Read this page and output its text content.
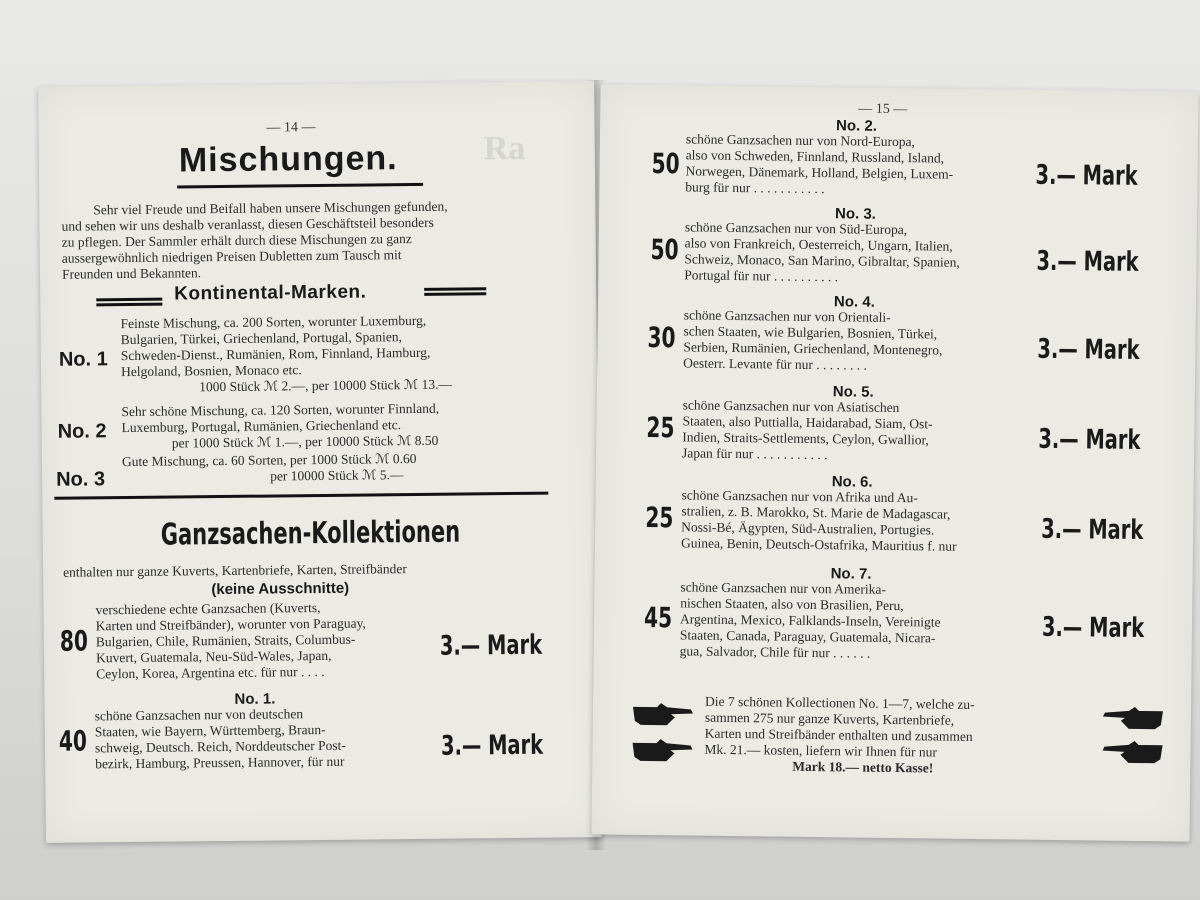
— 14 —
Ra
Mischungen.
Sehr viel Freude und Beifall haben unsere Mischungen gefunden,
und sehen wir uns deshalb veranlasst, diesen Geschäftsteil besonders
zu pflegen. Der Sammler erhält durch diese Mischungen zu ganz
aussergewöhnlich niedrigen Preisen Dubletten zum Tausch mit
Freunden und Bekannten.
Kontinental-Marken.
No. 1
Feinste Mischung, ca. 200 Sorten, worunter Luxemburg,
Bulgarien, Türkei, Griechenland, Portugal, Spanien,
Schweden-Dienst., Rumänien, Rom, Finnland, Hamburg,
Helgoland, Bosnien, Monaco etc.
1000 Stück ℳ 2.—, per 10000 Stück ℳ 13.—
No. 2
Sehr schöne Mischung, ca. 120 Sorten, worunter Finnland,
Luxemburg, Portugal, Rumänien, Griechenland etc.
per 1000 Stück ℳ 1.—, per 10000 Stück ℳ 8.50
No. 3
Gute Mischung, ca. 60 Sorten, per 1000 Stück ℳ 0.60
per 10000 Stück ℳ 5.—
Ganzsachen-Kollektionen
enthalten nur ganze Kuverts, Kartenbriefe, Karten, Streifbänder
(keine Ausschnitte)
80
verschiedene echte Ganzsachen (Kuverts,
Karten und Streifbänder), worunter von Paraguay,
Bulgarien, Chile, Rumänien, Straits, Columbus-
Kuvert, Guatemala, Neu-Süd-Wales, Japan,
Ceylon, Korea, Argentina etc. für nur . . . .
3.— Mark
No. 1.
40
schöne Ganzsachen nur von deutschen
Staaten, wie Bayern, Württemberg, Braun-
schweig, Deutsch. Reich, Norddeutscher Post-
bezirk, Hamburg, Preussen, Hannover, für nur
3.— Mark
— 15 —
No. 2.
50
schöne Ganzsachen nur von Nord-Europa,
also von Schweden, Finnland, Russland, Island,
Norwegen, Dänemark, Holland, Belgien, Luxem-
burg für nur . . . . . . . . . . .	3.— Mark
No. 3.
50
schöne Ganzsachen nur von Süd-Europa,
also von Frankreich, Oesterreich, Ungarn, Italien,
Schweiz, Monaco, San Marino, Gibraltar, Spanien,
Portugal für nur . . . . . . . . . .	3.— Mark
No. 4.
30
schöne Ganzsachen nur von Orientali-
schen Staaten, wie Bulgarien, Bosnien, Türkei,
Serbien, Rumänien, Griechenland, Montenegro,
Oesterr. Levante für nur . . . . . . . .	3.— Mark
No. 5.
25
schöne Ganzsachen nur von Asiatischen
Staaten, also Puttialla, Haidarabad, Siam, Ost-
Indien, Straits-Settlements, Ceylon, Gwallior,
Japan für nur . . . . . . . . . . .	3.— Mark
No. 6.
25
schöne Ganzsachen nur von Afrika und Au-
stralien, z. B. Marokko, St. Marie de Madagascar,
Nossi-Bé, Ägypten, Süd-Australien, Portugies.
Guinea, Benin, Deutsch-Ostafrika, Mauritius f. nur	3.— Mark
No. 7.
45
schöne Ganzsachen nur von Amerika-
nischen Staaten, also von Brasilien, Peru,
Argentina, Mexico, Falklands-Inseln, Vereinigte
Staaten, Canada, Paraguay, Guatemala, Nicara-
gua, Salvador, Chile für nur . . . . . .
3.— Mark
Die 7 schönen Kollectionen No. 1—7, welche zu-
sammen 275 nur ganze Kuverts, Kartenbriefe,
Karten und Streifbänder enthalten und zusammen
Mk. 21.— kosten, liefern wir Ihnen für nur
Mark 18.— netto Kasse!
